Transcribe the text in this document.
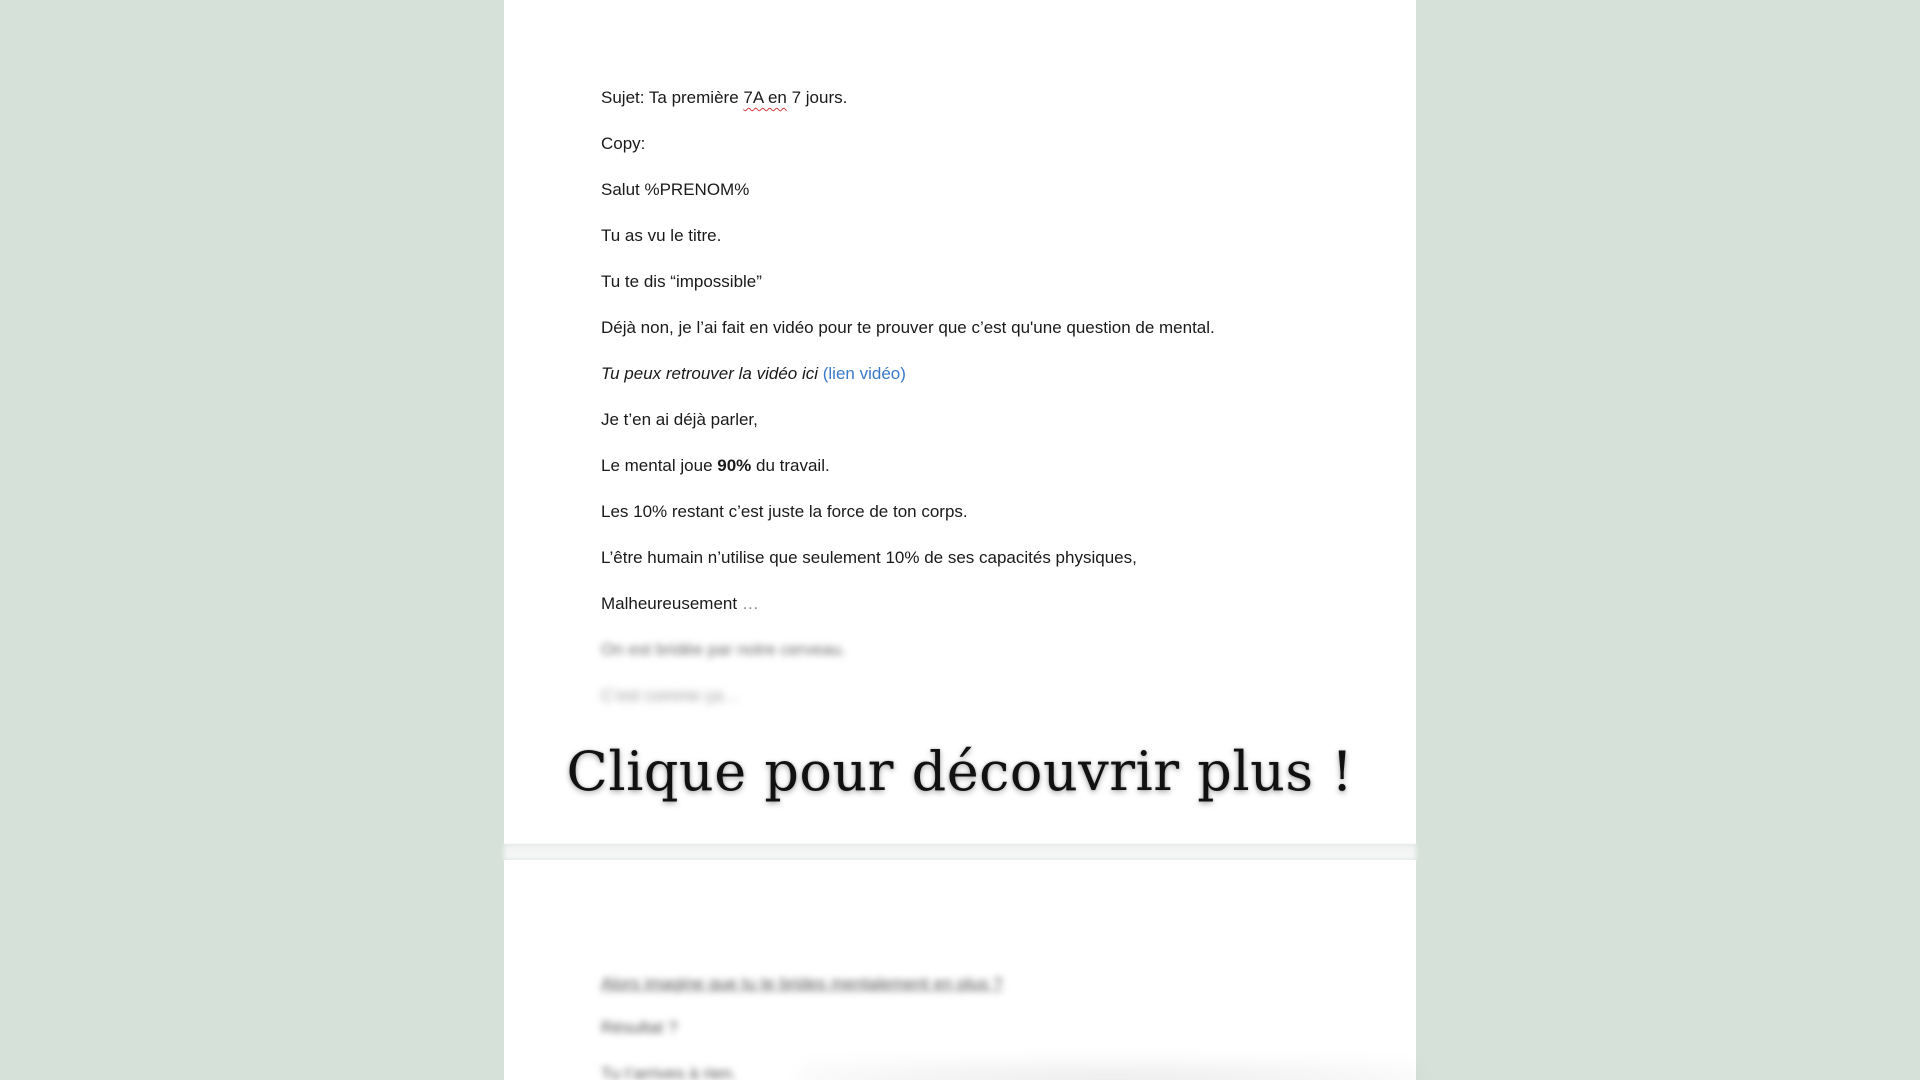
Sujet: Ta première 7A en 7 jours.
Copy:
Salut %PRENOM%
Tu as vu le titre.
Tu te dis “impossible”
Déjà non, je l’ai fait en vidéo pour te prouver que c’est qu'une question de mental.
Tu peux retrouver la vidéo ici (lien vidéo)
Je t’en ai déjà parler,
Le mental joue 90% du travail.
Les 10% restant c’est juste la force de ton corps.
L’être humain n’utilise que seulement 10% de ses capacités physiques,
Malheureusement …
On est bridée par notre cerveau.
C’est comme ça…
Alors imagine que tu te brides mentalement en plus ?
Résultat ?
Tu t’arrives à rien.
Clique pour découvrir plus !
